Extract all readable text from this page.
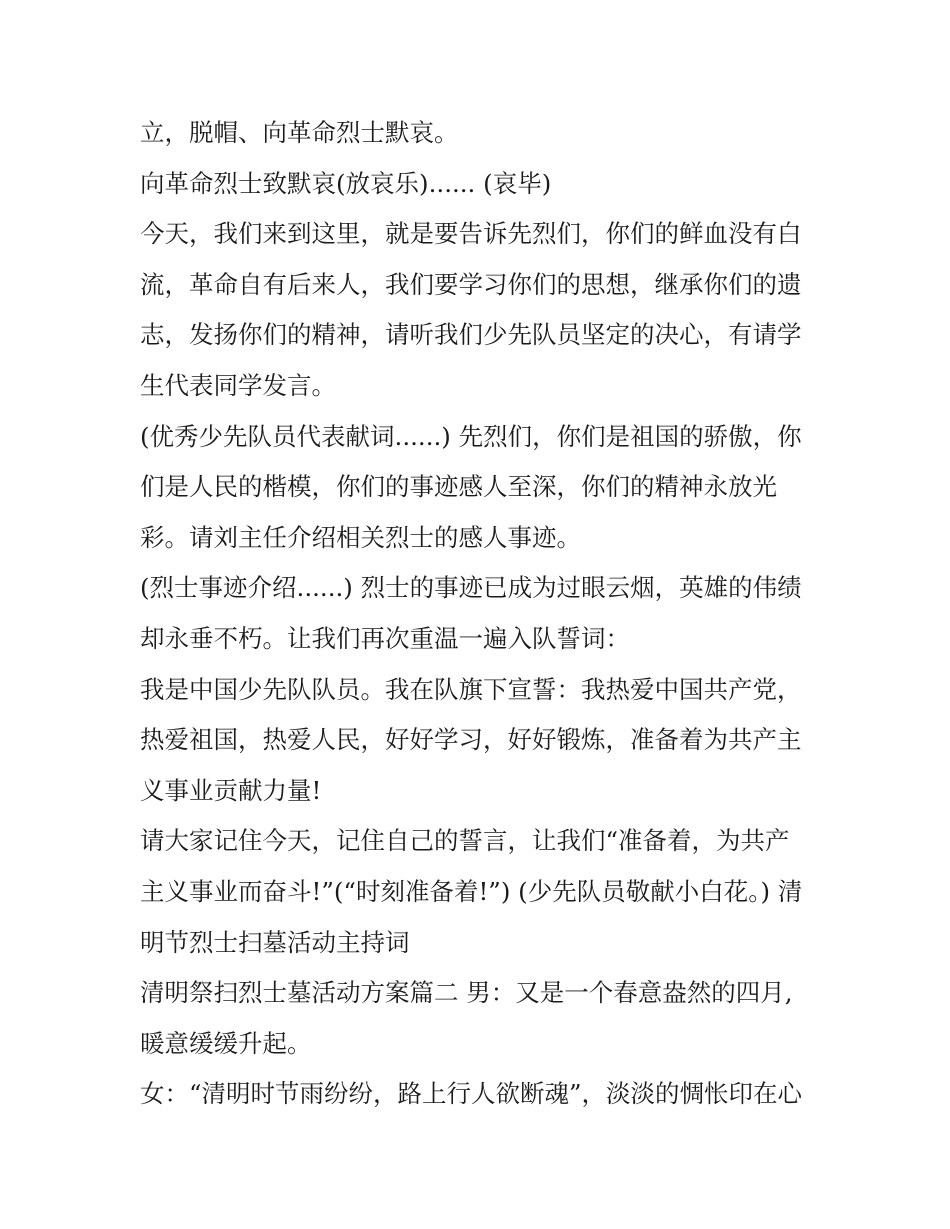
立，脱帽、向革命烈士默哀。
向革命烈士致默哀(放哀乐)...... (哀毕)
今天，我们来到这里，就是要告诉先烈们，你们的鲜血没有白
流，革命自有后来人，我们要学习你们的思想，继承你们的遗
志，发扬你们的精神，请听我们少先队员坚定的决心，有请学
生代表同学发言。
(优秀少先队员代表献词......) 先烈们，你们是祖国的骄傲，你
们是人民的楷模，你们的事迹感人至深，你们的精神永放光
彩。请刘主任介绍相关烈士的感人事迹。
(烈士事迹介绍......) 烈士的事迹已成为过眼云烟，英雄的伟绩
却永垂不朽。让我们再次重温一遍入队誓词：
我是中国少先队队员。我在队旗下宣誓：我热爱中国共产党，
热爱祖国，热爱人民，好好学习，好好锻炼，准备着为共产主
义事业贡献力量!
请大家记住今天，记住自己的誓言，让我们“准备着，为共产
主义事业而奋斗!”(“时刻准备着!”) (少先队员敬献小白花。) 清
明节烈士扫墓活动主持词
清明祭扫烈士墓活动方案篇二 男：又是一个春意盎然的四月,
暖意缓缓升起。
女：“清明时节雨纷纷，路上行人欲断魂”，淡淡的惆怅印在心
